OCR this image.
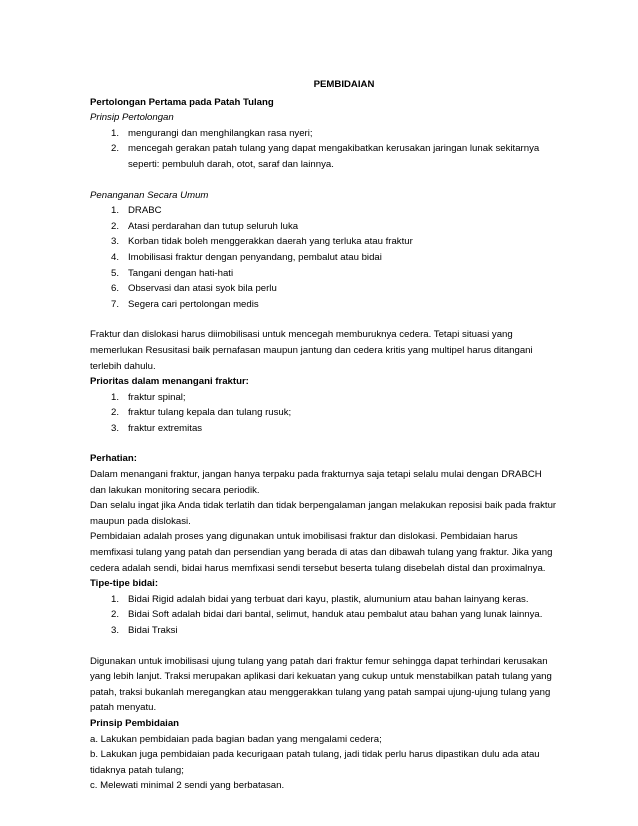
PEMBIDAIAN

Pertolongan Pertama pada Patah Tulang

Prinsip Pertolongan

1. mengurangi dan menghilangkan rasa nyeri;
2. mencegah gerakan patah tulang yang dapat mengakibatkan kerusakan jaringan lunak sekitarnya seperti: pembuluh darah, otot, saraf dan lainnya.

Penanganan Secara Umum

1. DRABC
2. Atasi perdarahan dan tutup seluruh luka
3. Korban tidak boleh menggerakkan daerah yang terluka atau fraktur
4. Imobilisasi fraktur dengan penyandang, pembalut atau bidai
5. Tangani dengan hati-hati
6. Observasi dan atasi syok bila perlu
7. Segera cari pertolongan medis

Fraktur dan dislokasi harus diimobilisasi untuk mencegah memburuknya cedera. Tetapi situasi yang memerlukan Resusitasi baik pernafasan maupun jantung dan cedera kritis yang multipel harus ditangani terlebih dahulu.

Prioritas dalam menangani fraktur:

1. fraktur spinal;
2. fraktur tulang kepala dan tulang rusuk;
3. fraktur extremitas

Perhatian:

Dalam menangani fraktur, jangan hanya terpaku pada frakturnya saja tetapi selalu mulai dengan DRABCH dan lakukan monitoring secara periodik.

Dan selalu ingat jika Anda tidak terlatih dan tidak berpengalaman jangan melakukan reposisi baik pada fraktur maupun pada dislokasi.

Pembidaian adalah proses yang digunakan untuk imobilisasi fraktur dan dislokasi. Pembidaian harus memfixasi tulang yang patah dan persendian yang berada di atas dan dibawah tulang yang fraktur. Jika yang cedera adalah sendi, bidai harus memfixasi sendi tersebut beserta tulang disebelah distal dan proximalnya.

Tipe-tipe bidai:

1. Bidai Rigid adalah bidai yang terbuat dari kayu, plastik, alumunium atau bahan lainyang keras.
2. Bidai Soft adalah bidai dari bantal, selimut, handuk atau pembalut atau bahan yang lunak lainnya.
3. Bidai Traksi

Digunakan untuk imobilisasi ujung tulang yang patah dari fraktur femur sehingga dapat terhindari kerusakan yang lebih lanjut. Traksi merupakan aplikasi dari kekuatan yang cukup untuk menstabilkan patah tulang yang patah, traksi bukanlah meregangkan atau menggerakkan tulang yang patah sampai ujung-ujung tulang yang patah menyatu.

Prinsip Pembidaian

a. Lakukan pembidaian pada bagian badan yang mengalami cedera;

b. Lakukan juga pembidaian pada kecurigaan patah tulang, jadi tidak perlu harus dipastikan dulu ada atau tidaknya patah tulang;

c. Melewati minimal 2 sendi yang berbatasan.
